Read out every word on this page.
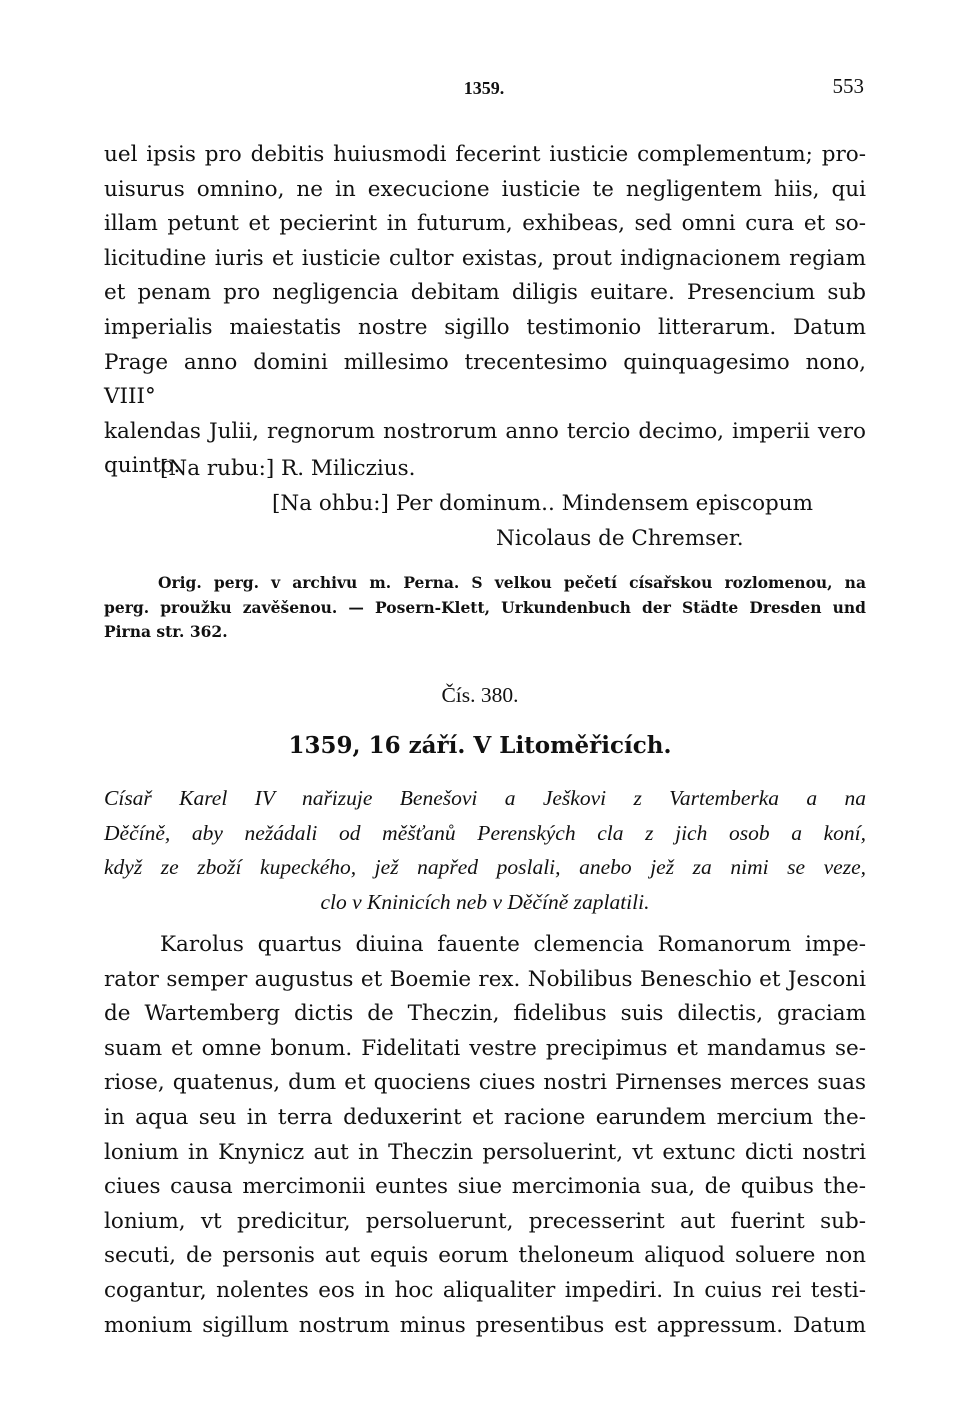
1359.	553
uel ipsis pro debitis huiusmodi fecerint iusticie complementum; pro-
uisurus omnino, ne in execucione iusticie te negligentem hiis, qui
illam petunt et pecierint in futurum, exhibeas, sed omni cura et so-
licitudine iuris et iusticie cultor existas, prout indignacionem regiam
et penam pro negligencia debitam diligis euitare. Presencium sub
imperialis maiestatis nostre sigillo testimonio litterarum. Datum
Prage anno domini millesimo trecentesimo quinquagesimo nono, VIII°
kalendas Julii, regnorum nostrorum anno tercio decimo, imperii vero
quinto.
[Na rubu:] R. Miliczius.
[Na ohbu:] Per dominum.. Mindensem episcopum
Nicolaus de Chremser.
Orig. perg. v archivu m. Perna. S velkou pečetí císařskou rozlomenou, na
perg. proužku zavěšenou. — Posern-Klett, Urkundenbuch der Städte Dresden und
Pirna str. 362.
Čís. 380.
1359, 16 září. V Litoměřicích.
Císař Karel IV nařizuje Benešovi a Ješkovi z Vartemberka a na
Děčíně, aby nežádali od měšťanů Perenských cla z jich osob a koní,
když ze zboží kupeckého, jež napřed poslali, anebo jež za nimi se veze,
clo v Kninicích neb v Děčíně zaplatili.
Karolus quartus diuina fauente clemencia Romanorum impe-
rator semper augustus et Boemie rex. Nobilibus Beneschio et Jesconi
de Wartemberg dictis de Theczin, fidelibus suis dilectis, graciam
suam et omne bonum. Fidelitati vestre precipimus et mandamus se-
riose, quatenus, dum et quociens ciues nostri Pirnenses merces suas
in aqua seu in terra deduxerint et racione earundem mercium the-
lonium in Knynicz aut in Theczin persoluerint, vt extunc dicti nostri
ciues causa mercimonii euntes siue mercimonia sua, de quibus the-
lonium, vt predicitur, persoluerunt, precesserint aut fuerint sub-
secuti, de personis aut equis eorum theloneum aliquod soluere non
cogantur, nolentes eos in hoc aliqualiter impediri. In cuius rei testi-
monium sigillum nostrum minus presentibus est appressum. Datum
